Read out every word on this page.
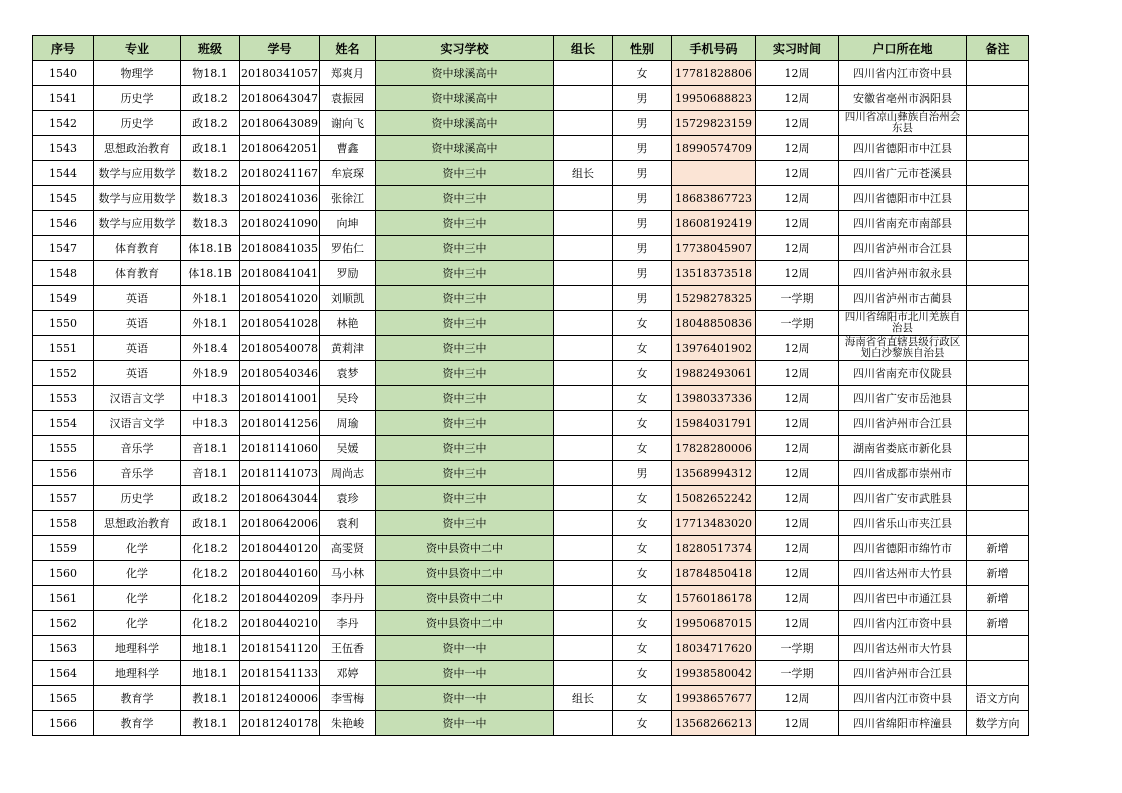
序号	专业	班级	学号	姓名	实习学校	组长	性别	手机号码	实习时间	户口所在地	备注
1540	物理学	物18.1	20180341057	郑爽月	资中球溪高中		女	17781828806	12周	四川省内江市资中县	
1541	历史学	政18.2	20180643047	袁振园	资中球溪高中		男	19950688823	12周	安徽省亳州市涡阳县	
1542	历史学	政18.2	20180643089	谢向飞	资中球溪高中		男	15729823159	12周	四川省凉山彝族自治州会东县	
1543	思想政治教育	政18.1	20180642051	曹鑫	资中球溪高中		男	18990574709	12周	四川省德阳市中江县	
1544	数学与应用数学	数18.2	20180241167	牟宸琛	资中三中	组长	男		12周	四川省广元市苍溪县	
1545	数学与应用数学	数18.3	20180241036	张徐江	资中三中		男	18683867723	12周	四川省德阳市中江县	
1546	数学与应用数学	数18.3	20180241090	向坤	资中三中		男	18608192419	12周	四川省南充市南部县	
1547	体育教育	体18.1B	20180841035	罗佑仁	资中三中		男	17738045907	12周	四川省泸州市合江县	
1548	体育教育	体18.1B	20180841041	罗励	资中三中		男	13518373518	12周	四川省泸州市叙永县	
1549	英语	外18.1	20180541020	刘顺凯	资中三中		男	15298278325	一学期	四川省泸州市古蔺县	
1550	英语	外18.1	20180541028	林艳	资中三中		女	18048850836	一学期	四川省绵阳市北川羌族自治县	
1551	英语	外18.4	20180540078	黄莉津	资中三中		女	13976401902	12周	海南省省直辖县级行政区划白沙黎族自治县	
1552	英语	外18.9	20180540346	袁梦	资中三中		女	19882493061	12周	四川省南充市仪陇县	
1553	汉语言文学	中18.3	20180141001	吴玲	资中三中		女	13980337336	12周	四川省广安市岳池县	
1554	汉语言文学	中18.3	20180141256	周瑜	资中三中		女	15984031791	12周	四川省泸州市合江县	
1555	音乐学	音18.1	20181141060	吴媛	资中三中		女	17828280006	12周	湖南省娄底市新化县	
1556	音乐学	音18.1	20181141073	周尚志	资中三中		男	13568994312	12周	四川省成都市崇州市	
1557	历史学	政18.2	20180643044	袁珍	资中三中		女	15082652242	12周	四川省广安市武胜县	
1558	思想政治教育	政18.1	20180642006	袁利	资中三中		女	17713483020	12周	四川省乐山市夹江县	
1559	化学	化18.2	20180440120	高雯贤	资中县资中二中		女	18280517374	12周	四川省德阳市绵竹市	新增
1560	化学	化18.2	20180440160	马小林	资中县资中二中		女	18784850418	12周	四川省达州市大竹县	新增
1561	化学	化18.2	20180440209	李丹丹	资中县资中二中		女	15760186178	12周	四川省巴中市通江县	新增
1562	化学	化18.2	20180440210	李丹	资中县资中二中		女	19950687015	12周	四川省内江市资中县	新增
1563	地理科学	地18.1	20181541120	王伍香	资中一中		女	18034717620	一学期	四川省达州市大竹县	
1564	地理科学	地18.1	20181541133	邓婷	资中一中		女	19938580042	一学期	四川省泸州市合江县	
1565	教育学	教18.1	20181240006	李雪梅	资中一中	组长	女	19938657677	12周	四川省内江市资中县	语文方向
1566	教育学	教18.1	20181240178	朱艳峻	资中一中		女	13568266213	12周	四川省绵阳市梓潼县	数学方向
